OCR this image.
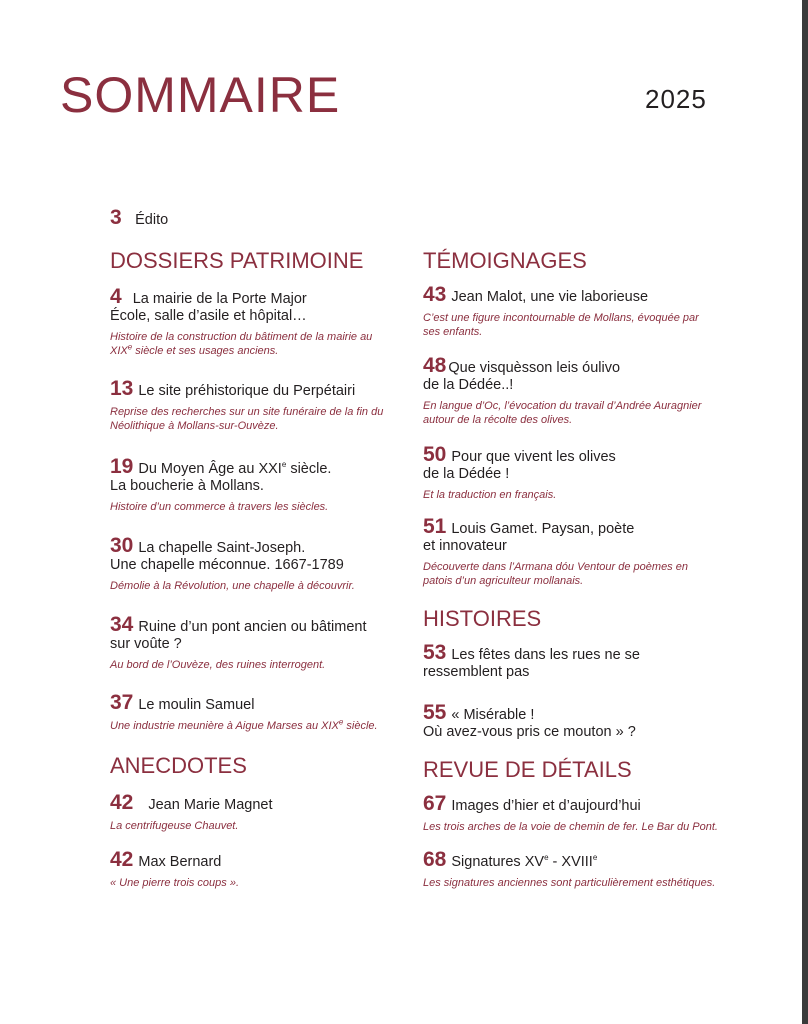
SOMMAIRE	2025
3 Édito
DOSSIERS PATRIMOINE
4 La mairie de la Porte Major
École, salle d’asile et hôpital…
Histoire de la construction du bâtiment de la mairie au
XIXe siècle et ses usages anciens.
13 Le site préhistorique du Perpétairi
Reprise des recherches sur un site funéraire de la fin du
Néolithique à Mollans-sur-Ouvèze.
19 Du Moyen Âge au XXIe siècle.
La boucherie à Mollans.
Histoire d’un commerce à travers les siècles.
30 La chapelle Saint-Joseph.
Une chapelle méconnue. 1667-1789
Démolie à la Révolution, une chapelle à découvrir.
34 Ruine d’un pont ancien ou bâtiment
sur voûte ?
Au bord de l’Ouvèze, des ruines interrogent.
37 Le moulin Samuel
Une industrie meunière à Aigue Marses au XIXe siècle.
ANECDOTES
42 Jean Marie Magnet
La centrifugeuse Chauvet.
42 Max Bernard
« Une pierre trois coups ».
TÉMOIGNAGES
43 Jean Malot, une vie laborieuse
C’est une figure incontournable de Mollans, évoquée par
ses enfants.
48 Que visquèsson leis óulivo
de la Dédée..!
En langue d’Oc, l’évocation du travail d’Andrée Auragnier
autour de la récolte des olives.
50 Pour que vivent les olives
de la Dédée !
Et la traduction en français.
51 Louis Gamet. Paysan, poète
et innovateur
Découverte dans l’Armana dóu Ventour de poèmes en
patois d’un agriculteur mollanais.
HISTOIRES
53 Les fêtes dans les rues ne se
ressemblent pas
55 « Misérable !
Où avez-vous pris ce mouton » ?
REVUE DE DÉTAILS
67 Images d’hier et d’aujourd’hui
Les trois arches de la voie de chemin de fer. Le Bar du Pont.
68 Signatures XVe - XVIIIe
Les signatures anciennes sont particulièrement esthétiques.
